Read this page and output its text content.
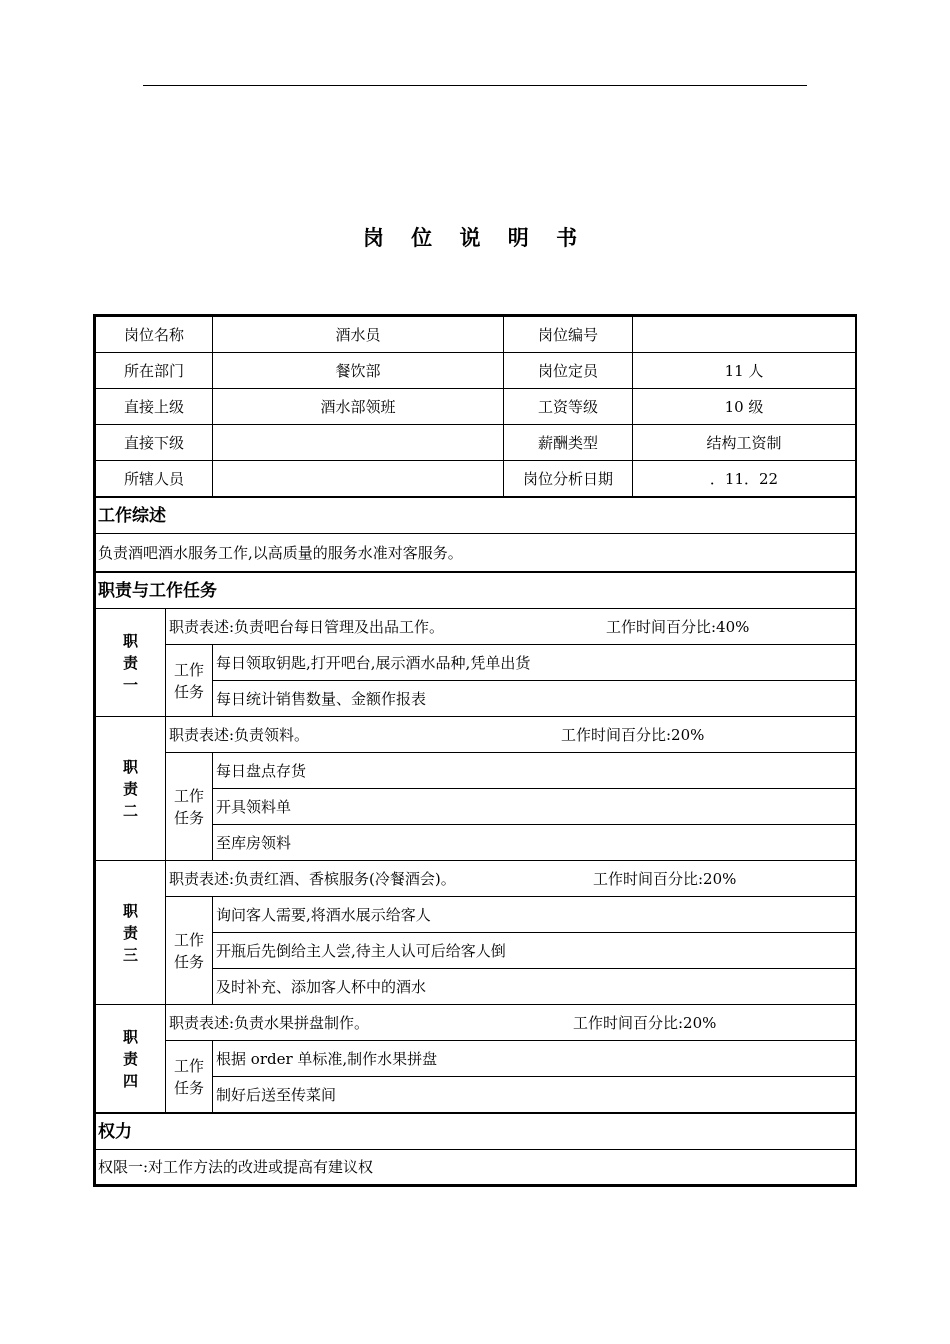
岗 位 说 明 书
岗位名称		酒水员	岗位编号	
所在部门		餐饮部	岗位定员	11 人
直接上级		酒水部领班	工资等级	10 级
直接下级			薪酬类型	结构工资制
所辖人员			岗位分析日期	．11．22
工作综述				
负责酒吧酒水服务工作,以高质量的服务水准对客服务。				
职责与工作任务				
职
责
一	职责表述:负责吧台每日管理及出品工作。 工作时间百分比:40%			
	工作
任务	每日领取钥匙,打开吧台,展示酒水品种,凭单出货		
		每日统计销售数量、金额作报表		
职
责
二	职责表述:负责领料。 工作时间百分比:20%			
	工作
任务	每日盘点存货		
		开具领料单		
		至库房领料		
职
责
三	职责表述:负责红酒、香槟服务(冷餐酒会)。 工作时间百分比:20%			
	工作
任务	询问客人需要,将酒水展示给客人		
		开瓶后先倒给主人尝,待主人认可后给客人倒		
		及时补充、添加客人杯中的酒水		
职
责
四	职责表述:负责水果拼盘制作。 工作时间百分比:20%			
	工作
任务	根据 order 单标准,制作水果拼盘		
		制好后送至传菜间		
权力				
权限一:对工作方法的改进或提高有建议权				
